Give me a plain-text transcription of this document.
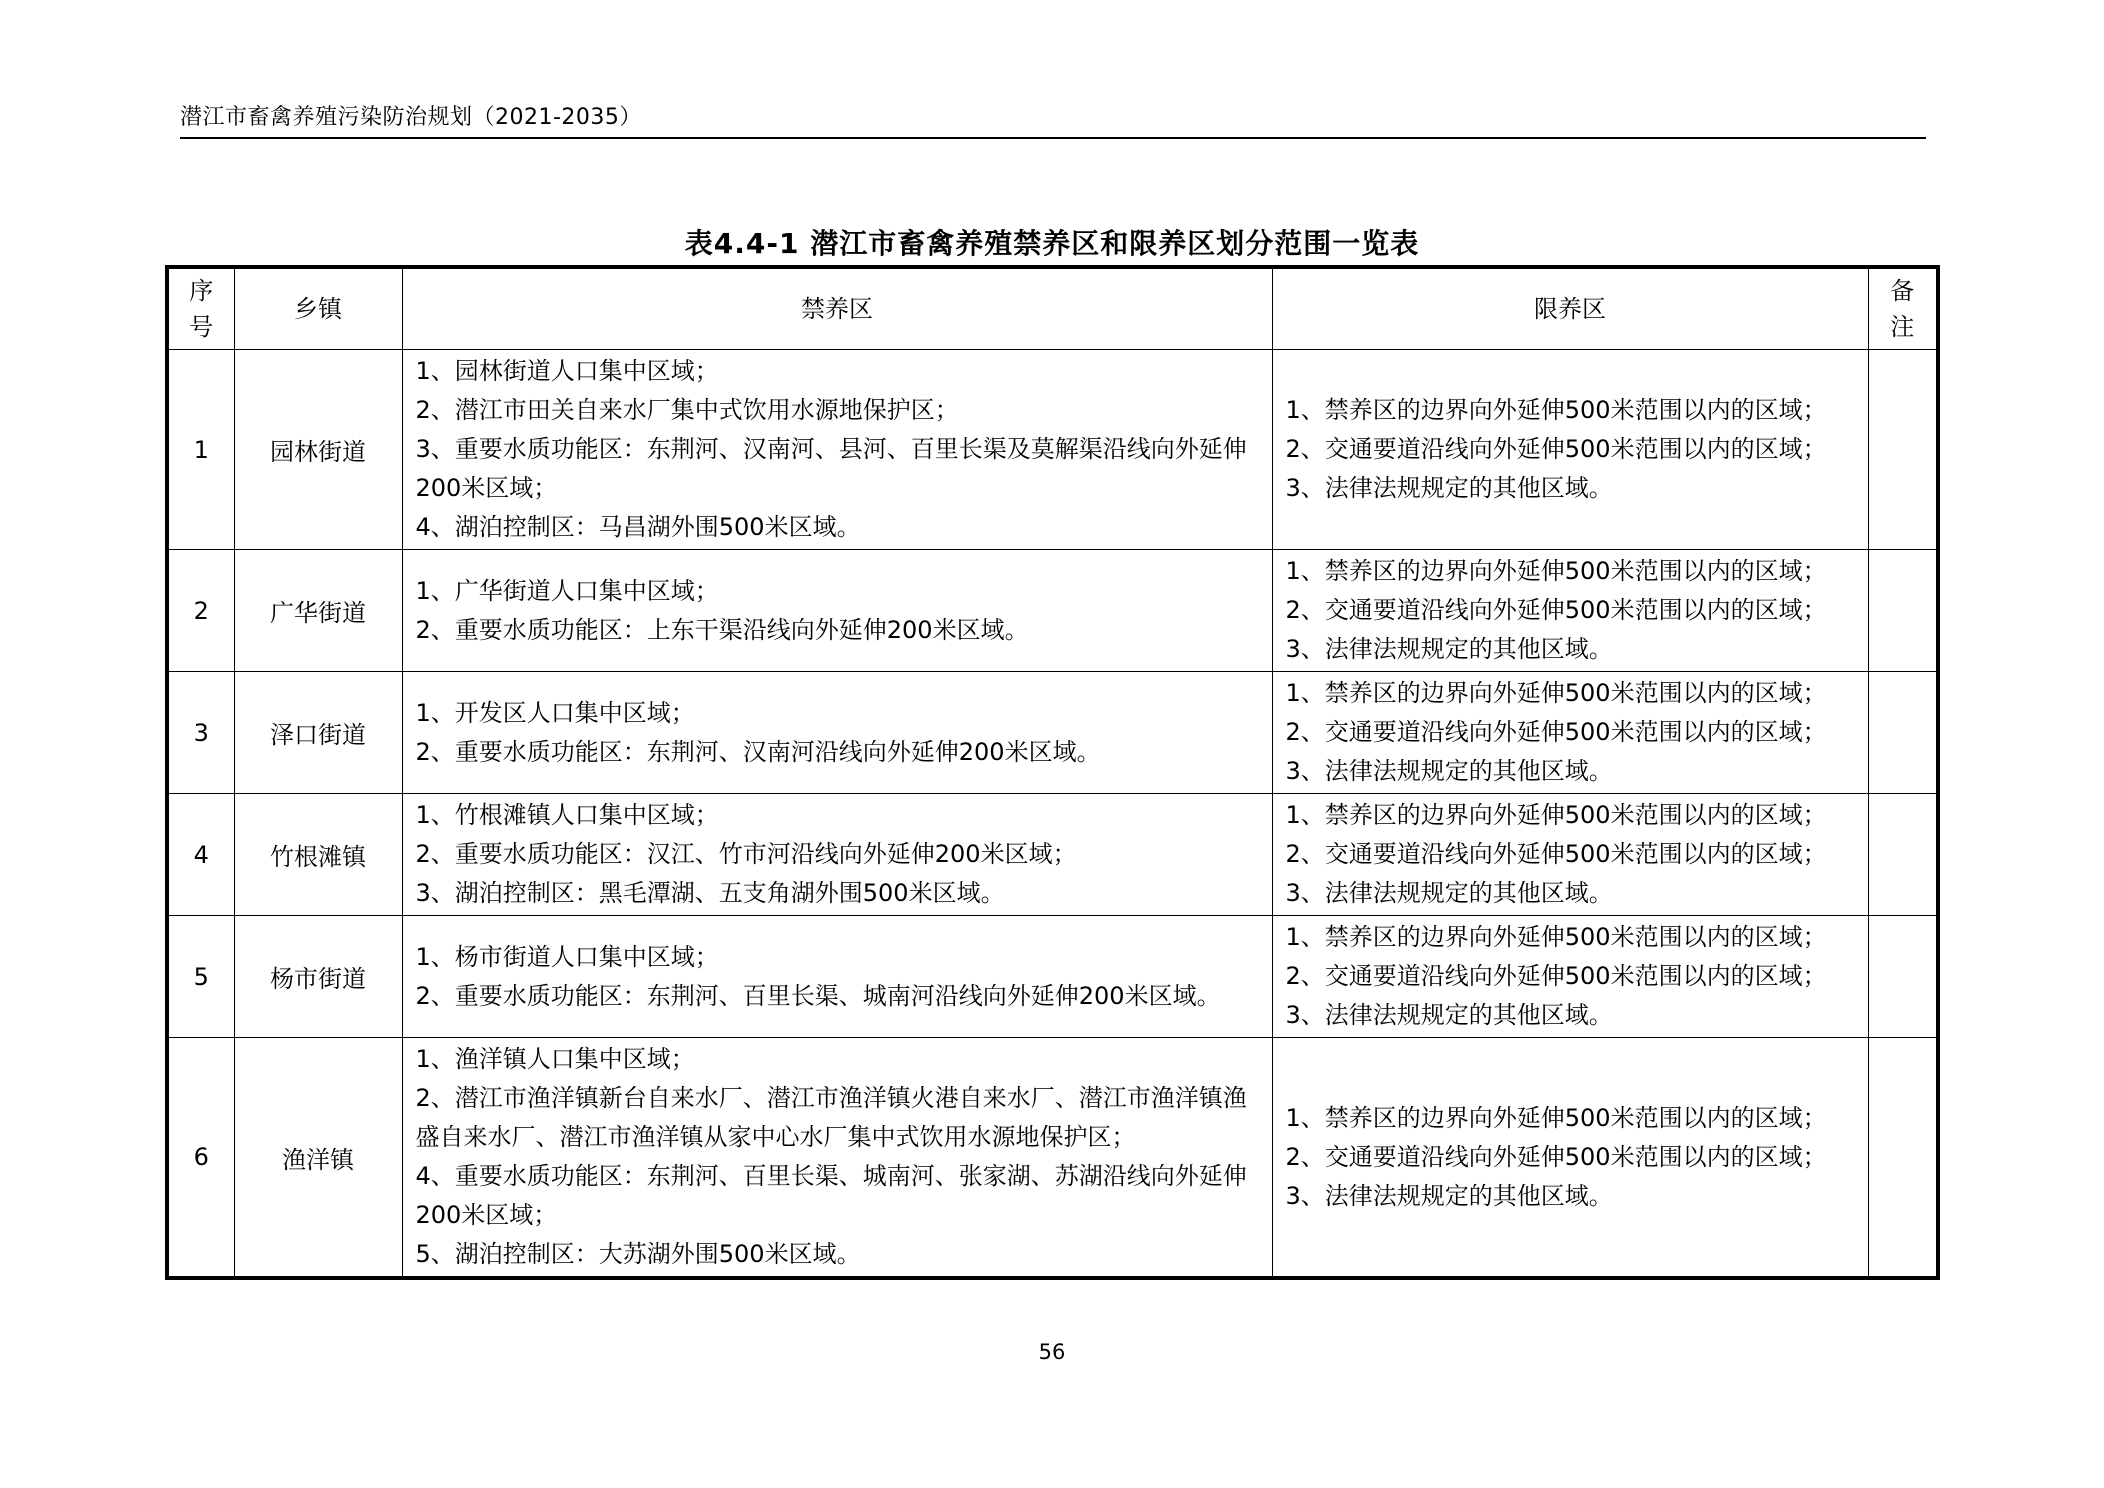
潜江市畜禽养殖污染防治规划（2021-2035）
表4.4-1 潜江市畜禽养殖禁养区和限养区划分范围一览表
序号	乡镇	禁养区	限养区	备注
1	园林街道	1、园林街道人口集中区域；
2、潜江市田关自来水厂集中式饮用水源地保护区；
3、重要水质功能区：东荆河、汉南河、县河、百里长渠及莫解渠沿线向外延伸200米区域；
4、湖泊控制区：马昌湖外围500米区域。	1、禁养区的边界向外延伸500米范围以内的区域；
2、交通要道沿线向外延伸500米范围以内的区域；
3、法律法规规定的其他区域。	

2	广华街道	1、广华街道人口集中区域；
2、重要水质功能区：上东干渠沿线向外延伸200米区域。	1、禁养区的边界向外延伸500米范围以内的区域；
2、交通要道沿线向外延伸500米范围以内的区域；
3、法律法规规定的其他区域。	

3	泽口街道	1、开发区人口集中区域；
2、重要水质功能区：东荆河、汉南河沿线向外延伸200米区域。	1、禁养区的边界向外延伸500米范围以内的区域；
2、交通要道沿线向外延伸500米范围以内的区域；
3、法律法规规定的其他区域。	

4	竹根滩镇	1、竹根滩镇人口集中区域；
2、重要水质功能区：汉江、竹市河沿线向外延伸200米区域；
3、湖泊控制区：黑毛潭湖、五支角湖外围500米区域。	1、禁养区的边界向外延伸500米范围以内的区域；
2、交通要道沿线向外延伸500米范围以内的区域；
3、法律法规规定的其他区域。	

5	杨市街道	1、杨市街道人口集中区域；
2、重要水质功能区：东荆河、百里长渠、城南河沿线向外延伸200米区域。	1、禁养区的边界向外延伸500米范围以内的区域；
2、交通要道沿线向外延伸500米范围以内的区域；
3、法律法规规定的其他区域。	

6	渔洋镇	1、渔洋镇人口集中区域；
2、潜江市渔洋镇新台自来水厂、潜江市渔洋镇火港自来水厂、潜江市渔洋镇渔盛自来水厂、潜江市渔洋镇从家中心水厂集中式饮用水源地保护区；
4、重要水质功能区：东荆河、百里长渠、城南河、张家湖、苏湖沿线向外延伸200米区域；
5、湖泊控制区：大苏湖外围500米区域。	1、禁养区的边界向外延伸500米范围以内的区域；
2、交通要道沿线向外延伸500米范围以内的区域；
3、法律法规规定的其他区域。	

56
